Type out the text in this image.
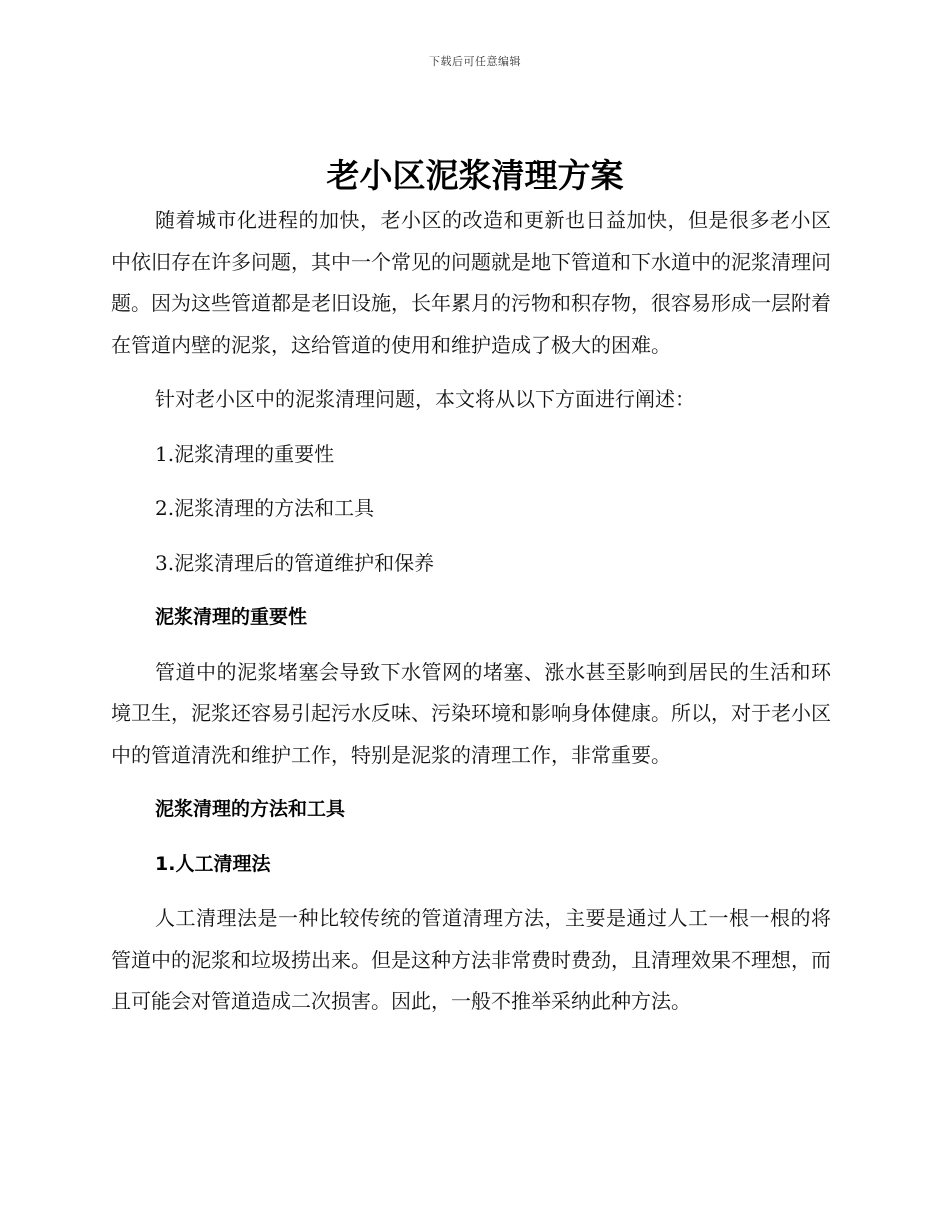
下载后可任意编辑
老小区泥浆清理方案

随着城市化进程的加快，老小区的改造和更新也日益加快，但是很多老小区中依旧存在许多问题，其中一个常见的问题就是地下管道和下水道中的泥浆清理问题。因为这些管道都是老旧设施，长年累月的污物和积存物，很容易形成一层附着在管道内壁的泥浆，这给管道的使用和维护造成了极大的困难。

针对老小区中的泥浆清理问题，本文将从以下方面进行阐述：

1.泥浆清理的重要性
2.泥浆清理的方法和工具
3.泥浆清理后的管道维护和保养
泥浆清理的重要性

管道中的泥浆堵塞会导致下水管网的堵塞、涨水甚至影响到居民的生活和环境卫生，泥浆还容易引起污水反味、污染环境和影响身体健康。所以，对于老小区中的管道清洗和维护工作，特别是泥浆的清理工作，非常重要。

泥浆清理的方法和工具
1.人工清理法

人工清理法是一种比较传统的管道清理方法，主要是通过人工一根一根的将管道中的泥浆和垃圾捞出来。但是这种方法非常费时费劲，且清理效果不理想，而且可能会对管道造成二次损害。因此，一般不推举采纳此种方法。
